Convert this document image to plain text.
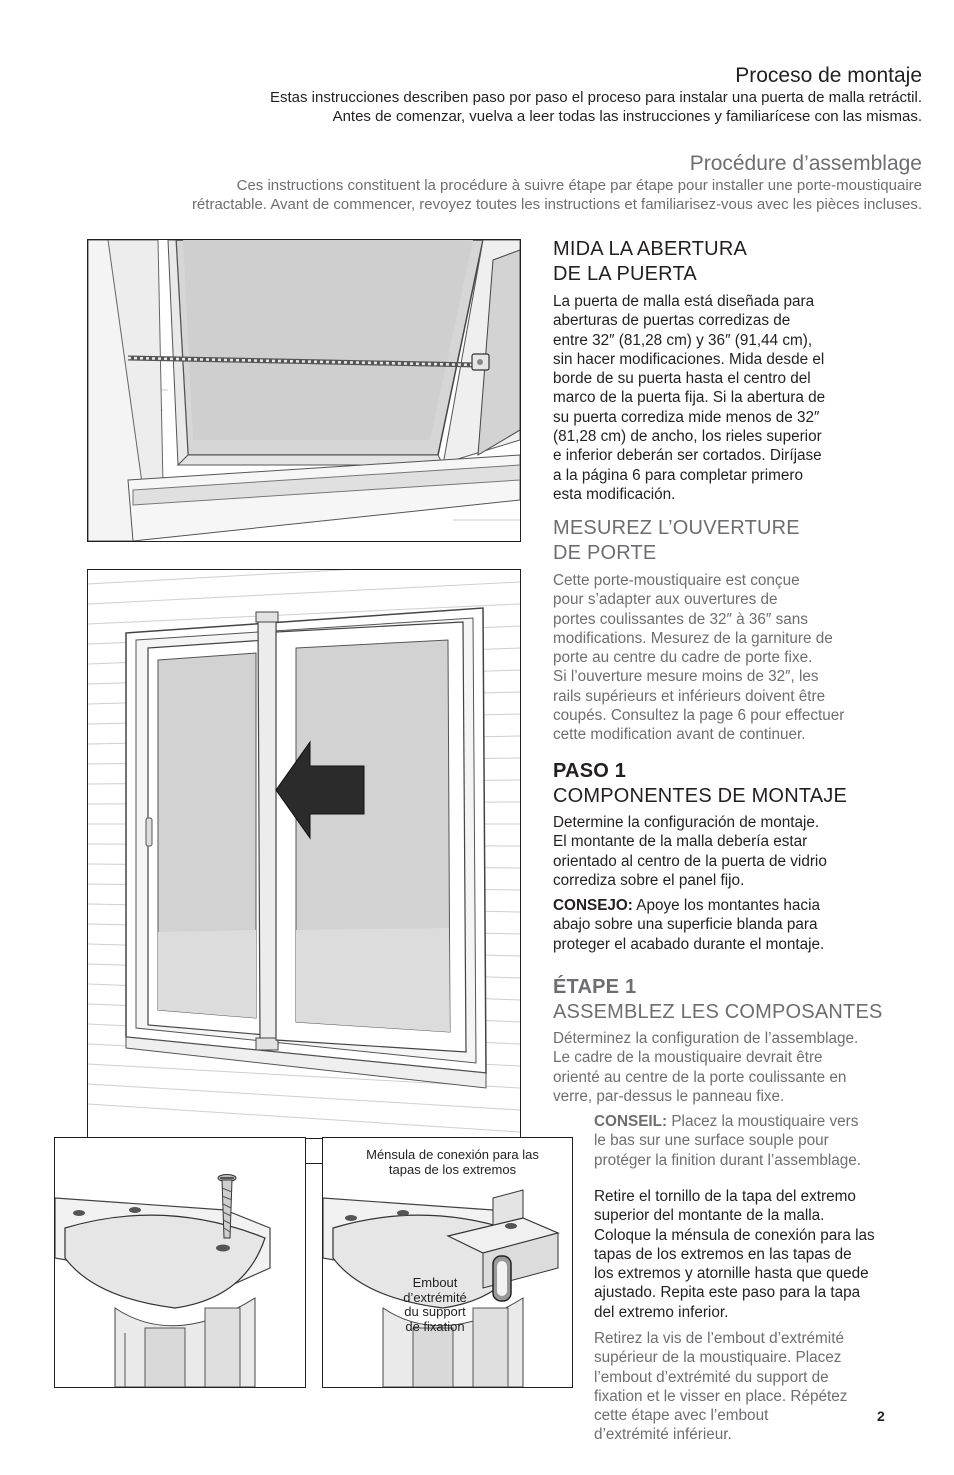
Proceso de montaje

Estas instrucciones describen paso por paso el proceso para instalar una puerta de malla retráctil.

Antes de comenzar, vuelva a leer todas las instrucciones y familiarícese con las mismas.

Procédure d’assemblage

Ces instructions constituent la procédure à suivre étape par étape pour installer une porte-moustiquaire

rétractable. Avant de commencer, revoyez toutes les instructions et familiarisez-vous avec les pièces incluses.

Ménsula de conexión para las
tapas de los extremos
Embout
d’extrémité
du support
de fixation
MIDA LA ABERTURA
DE LA PUERTA

La puerta de malla está diseñada para

aberturas de puertas corredizas de

entre 32″ (81,28 cm) y 36″ (91,44 cm),

sin hacer modificaciones. Mida desde el

borde de su puerta hasta el centro del

marco de la puerta fija. Si la abertura de

su puerta corrediza mide menos de 32″

(81,28 cm) de ancho, los rieles superior

e inferior deberán ser cortados. Diríjase

a la página 6 para completar primero

esta modificación.

MESUREZ L’OUVERTURE
DE PORTE

Cette porte-moustiquaire est conçue

pour s’adapter aux ouvertures de

portes coulissantes de 32″ à 36″ sans

modifications. Mesurez de la garniture de

porte au centre du cadre de porte fixe.

Si l’ouverture mesure moins de 32″, les

rails supérieurs et inférieurs doivent être

coupés. Consultez la page 6 pour effectuer

cette modification avant de continuer.

PASO 1
COMPONENTES DE MONTAJE

Determine la configuración de montaje.

El montante de la malla debería estar

orientado al centro de la puerta de vidrio

corrediza sobre el panel fijo.

CONSEJO: Apoye los montantes hacia

abajo sobre una superficie blanda para

proteger el acabado durante el montaje.

ÉTAPE 1
ASSEMBLEZ LES COMPOSANTES

Déterminez la configuration de l’assemblage.

Le cadre de la moustiquaire devrait être

orienté au centre de la porte coulissante en

verre, par-dessus le panneau fixe.

CONSEIL: Placez la moustiquaire vers

le bas sur une surface souple pour

protéger la finition durant l’assemblage.

Retire el tornillo de la tapa del extremo

superior del montante de la malla.

Coloque la ménsula de conexión para las

tapas de los extremos en las tapas de

los extremos y atornille hasta que quede

ajustado. Repita este paso para la tapa

del extremo inferior.

Retirez la vis de l’embout d’extrémité

supérieur de la moustiquaire. Placez

l’embout d’extrémité du support de

fixation et le visser en place. Répétez

cette étape avec l’embout

d’extrémité inférieur.

2
